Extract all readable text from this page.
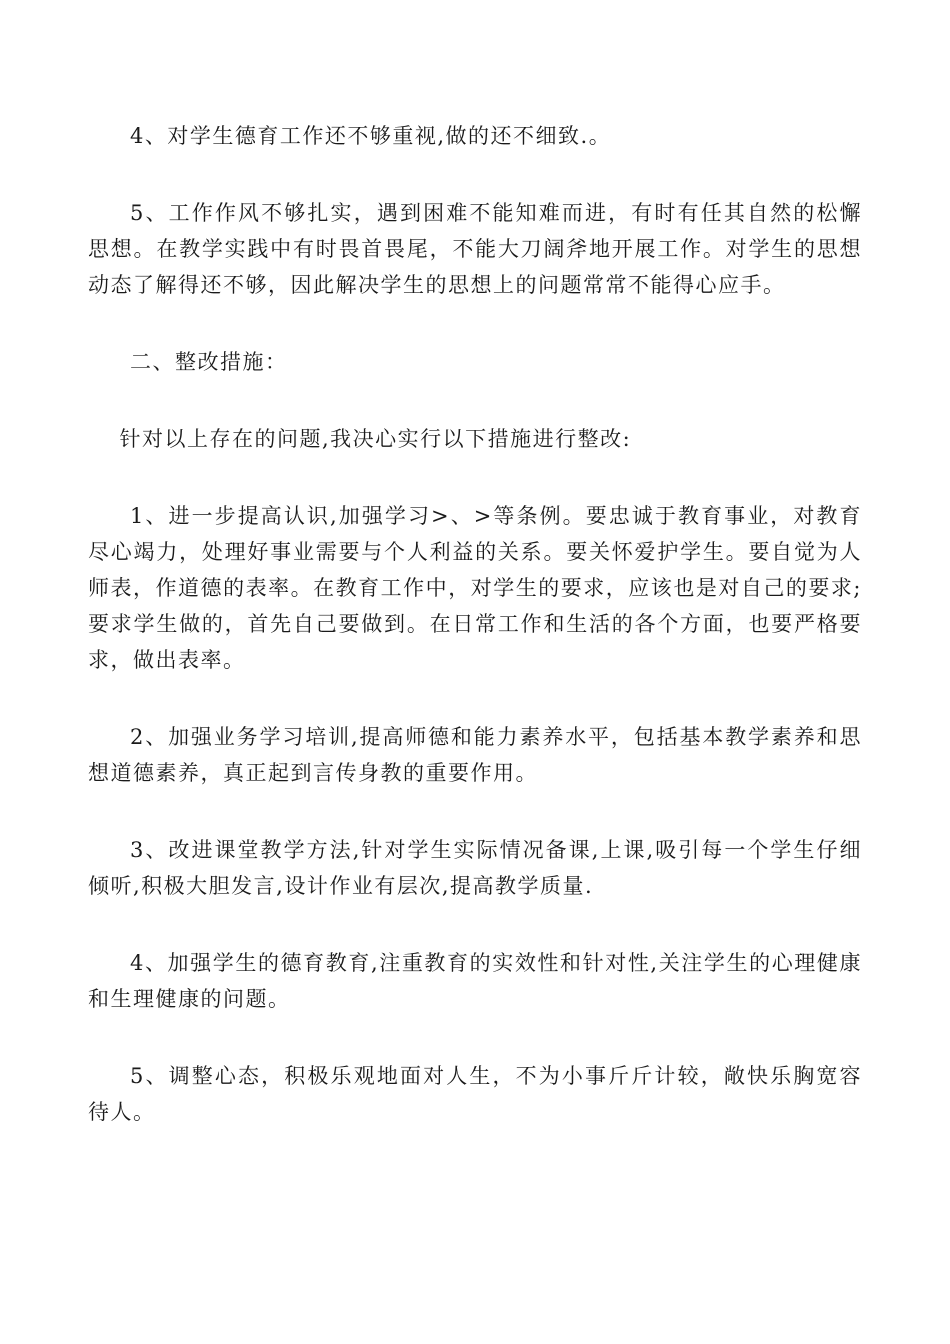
4、对学生德育工作还不够重视,做的还不细致.。

5、工作作风不够扎实，遇到困难不能知难而进，有时有任其自然的松懈思想。在教学实践中有时畏首畏尾，不能大刀阔斧地开展工作。对学生的思想动态了解得还不够，因此解决学生的思想上的问题常常不能得心应手。

二、整改措施：

针对以上存在的问题,我决心实行以下措施进行整改:

1、进一步提高认识,加强学习>、>等条例。要忠诚于教育事业，对教育尽心竭力，处理好事业需要与个人利益的关系。要关怀爱护学生。要自觉为人师表，作道德的表率。在教育工作中，对学生的要求，应该也是对自己的要求;要求学生做的，首先自己要做到。在日常工作和生活的各个方面，也要严格要求，做出表率。

2、加强业务学习培训,提高师德和能力素养水平，包括基本教学素养和思想道德素养，真正起到言传身教的重要作用。

3、改进课堂教学方法,针对学生实际情况备课,上课,吸引每一个学生仔细倾听,积极大胆发言,设计作业有层次,提高教学质量.

4、加强学生的德育教育,注重教育的实效性和针对性,关注学生的心理健康和生理健康的问题。

5、调整心态，积极乐观地面对人生，不为小事斤斤计较，敞快乐胸宽容待人。
